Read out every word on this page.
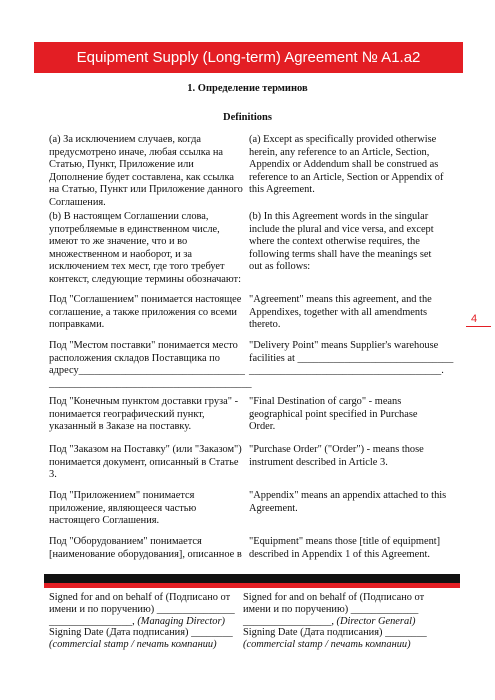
Equipment Supply (Long-term) Agreement № A1.a2
1. Определение терминов
Definitions
(a) За исключением случаев, когда
предусмотрено иначе, любая ссылка на
Статью, Пункт, Приложение или
Дополнение будет составлена, как ссылка
на Статью, Пункт или Приложение данного
Соглашения.
(a) Except as specifically provided otherwise
herein, any reference to an Article, Section,
Appendix or Addendum shall be construed as
reference to an Article, Section or Appendix of
this Agreement.
(b) В настоящем Соглашении слова,
употребляемые в единственном числе,
имеют то же значение, что и во
множественном и наоборот, и за
исключением тех мест, где того требует
контекст, следующие термины обозначают:
(b) In this Agreement words in the singular
include the plural and vice versa, and except
where the context otherwise requires, the
following terms shall have the meanings set
out as follows:
Под "Соглашением" понимается настоящее
соглашение, а также приложения со всеми
поправками.
"Agreement" means this agreement, and the
Appendixes, together with all amendments
thereto.
Под "Местом поставки" понимается место
расположения складов Поставщика по
адресу________________________________
_______________________________________
"Delivery Point" means Supplier's warehouse
facilities at ______________________________
_____________________________________.
Под "Конечным пунктом доставки груза" -
понимается географический пункт,
указанный в Заказе на поставку.
"Final Destination of cargo" - means
geographical point specified in Purchase
Order.
Под "Заказом на Поставку" (или "Заказом")
понимается документ, описанный в Статье
3.
"Purchase Order" ("Order") - means those
instrument described in Article 3.
Под "Приложением" понимается
приложение, являющееся частью
настоящего Соглашения.
"Appendix" means an appendix attached to this
Agreement.
Под "Оборудованием" понимается
[наименование оборудования], описанное в
"Equipment" means those [title of equipment]
described in Appendix 1 of this Agreement.
4
Signed for and on behalf of (Подписано от
имени и по поручению) _______________
________________, (Managing Director)
Signing Date (Дата подписания) ________
(commercial stamp / печать компании)
Signed for and on behalf of (Подписано от
имени и по поручению) _____________
_________________, (Director General)
Signing Date (Дата подписания) ________
(commercial stamp / печать компании)
